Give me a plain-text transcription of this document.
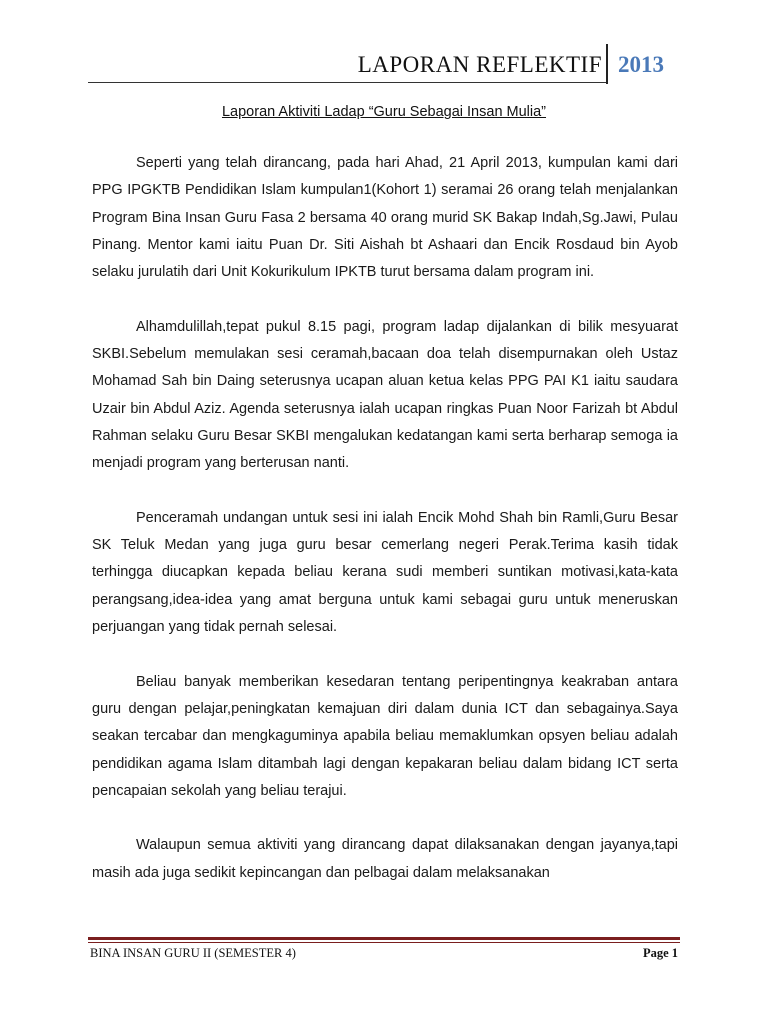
LAPORAN REFLEKTIF 2013
Laporan Aktiviti Ladap “Guru Sebagai Insan Mulia”

Seperti yang telah dirancang, pada hari Ahad, 21 April 2013, kumpulan kami dari PPG IPGKTB Pendidikan Islam kumpulan1(Kohort 1) seramai 26 orang telah menjalankan Program Bina Insan Guru Fasa 2 bersama 40 orang murid SK Bakap Indah,Sg.Jawi, Pulau Pinang. Mentor kami iaitu Puan Dr. Siti Aishah bt Ashaari dan Encik Rosdaud bin Ayob selaku jurulatih dari Unit Kokurikulum IPKTB turut bersama dalam program ini.

Alhamdulillah,tepat pukul 8.15 pagi, program ladap dijalankan di bilik mesyuarat SKBI.Sebelum memulakan sesi ceramah,bacaan doa telah disempurnakan oleh Ustaz Mohamad Sah bin Daing seterusnya ucapan aluan ketua kelas PPG PAI K1 iaitu saudara Uzair bin Abdul Aziz. Agenda seterusnya ialah ucapan ringkas Puan Noor Farizah bt Abdul Rahman selaku Guru Besar SKBI mengalukan kedatangan kami serta berharap semoga ia menjadi program yang berterusan nanti.

Penceramah undangan untuk sesi ini ialah Encik Mohd Shah bin Ramli,Guru Besar SK Teluk Medan yang juga guru besar cemerlang negeri Perak.Terima kasih tidak terhingga diucapkan kepada beliau kerana sudi memberi suntikan motivasi,kata-kata perangsang,idea-idea yang amat berguna untuk kami sebagai guru untuk meneruskan perjuangan yang tidak pernah selesai.

Beliau banyak memberikan kesedaran tentang peripentingnya keakraban antara guru dengan pelajar,peningkatan kemajuan diri dalam dunia ICT dan sebagainya.Saya seakan tercabar dan mengkaguminya apabila beliau memaklumkan opsyen beliau adalah pendidikan agama Islam ditambah lagi dengan kepakaran beliau dalam bidang ICT serta pencapaian sekolah yang beliau terajui.

Walaupun semua aktiviti yang dirancang dapat dilaksanakan dengan jayanya,tapi masih ada juga sedikit kepincangan dan pelbagai dalam melaksanakan

BINA INSAN GURU II (SEMESTER 4)	Page 1
